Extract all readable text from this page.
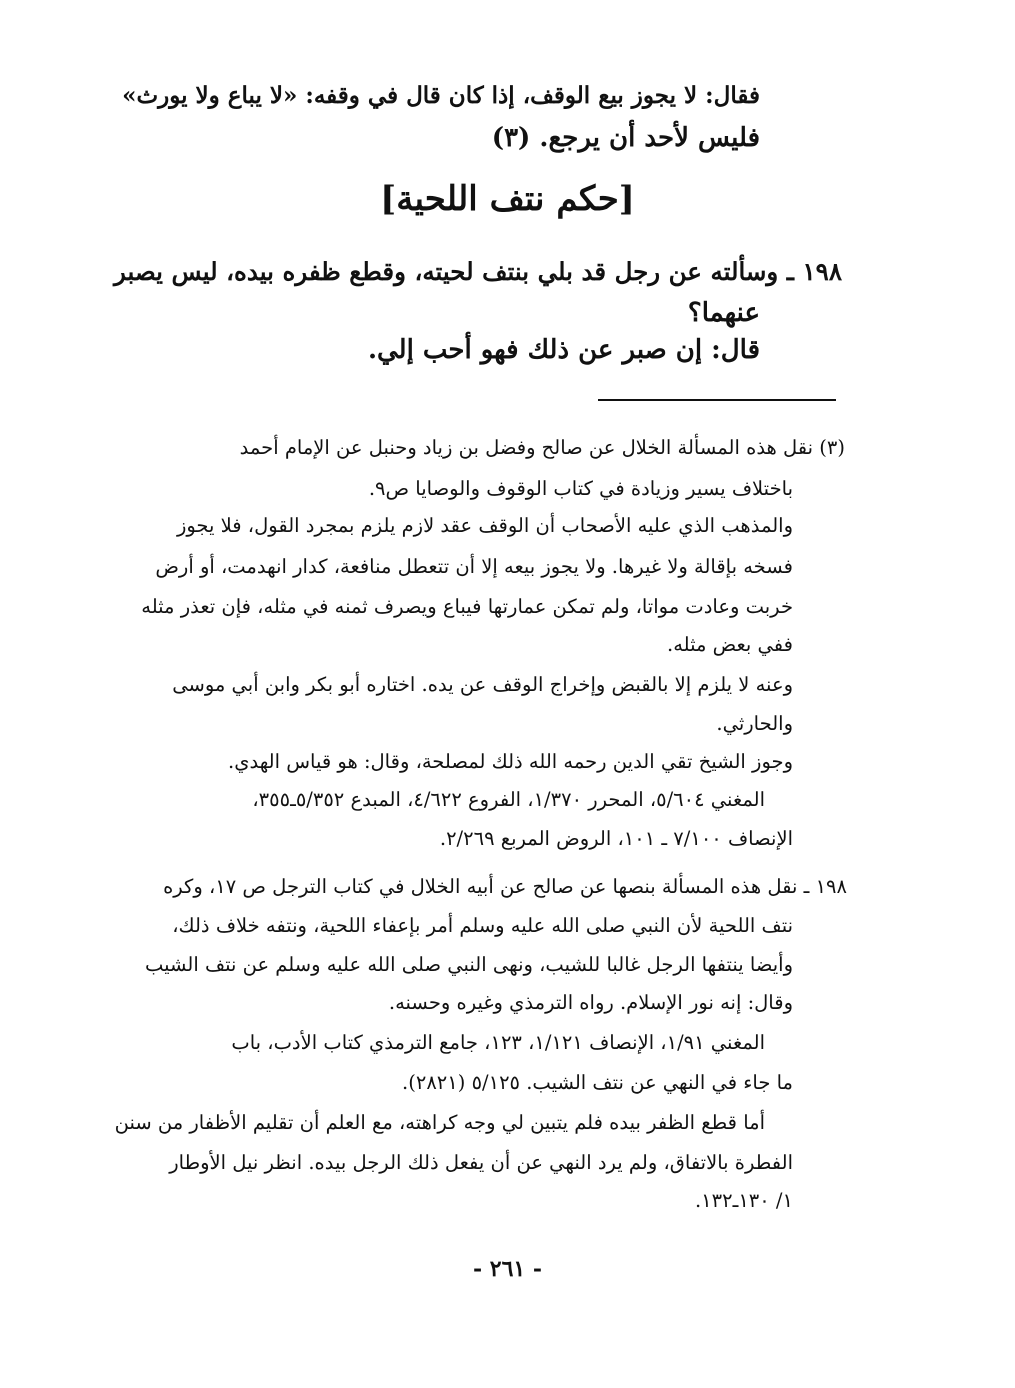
فقال: لا يجوز بيع الوقف، إذا كان قال في وقفه: «لا يباع ولا يورث»
فليس لأحد أن يرجع. (٣)
[حكم نتف اللحية]
١٩٨ ـ وسألته عن رجل قد بلي بنتف لحيته، وقطع ظفره بيده، ليس يصبر
عنهما؟
قال: إن صبر عن ذلك فهو أحب إلي.
(٣) نقل هذه المسألة الخلال عن صالح وفضل بن زياد وحنبل عن الإمام أحمد
باختلاف يسير وزيادة في كتاب الوقوف والوصايا ص٩.
والمذهب الذي عليه الأصحاب أن الوقف عقد لازم يلزم بمجرد القول، فلا يجوز
فسخه بإقالة ولا غيرها. ولا يجوز بيعه إلا أن تتعطل منافعة، كدار انهدمت، أو أرض
خربت وعادت مواتا، ولم تمكن عمارتها فيباع ويصرف ثمنه في مثله، فإن تعذر مثله
ففي بعض مثله.
وعنه لا يلزم إلا بالقبض وإخراج الوقف عن يده. اختاره أبو بكر وابن أبي موسى
والحارثي.
وجوز الشيخ تقي الدين رحمه الله ذلك لمصلحة، وقال: هو قياس الهدي.
المغني ٥/٦٠٤، المحرر ١/٣٧٠، الفروع ٤/٦٢٢، المبدع ٥/٣٥٢ـ٣٥٥،
الإنصاف ٧/١٠٠ ـ ١٠١، الروض المربع ٢/٢٦٩.
١٩٨ ـ نقل هذه المسألة بنصها عن صالح عن أبيه الخلال في كتاب الترجل ص ١٧، وكره
نتف اللحية لأن النبي صلى الله عليه وسلم أمر بإعفاء اللحية، ونتفه خلاف ذلك،
وأيضا ينتفها الرجل غالبا للشيب، ونهى النبي صلى الله عليه وسلم عن نتف الشيب
وقال: إنه نور الإسلام. رواه الترمذي وغيره وحسنه.
المغني ١/٩١، الإنصاف ١/١٢١، ١٢٣، جامع الترمذي كتاب الأدب، باب
ما جاء في النهي عن نتف الشيب. ٥/١٢٥ (٢٨٢١).
أما قطع الظفر بيده فلم يتبين لي وجه كراهته، مع العلم أن تقليم الأظفار من سنن
الفطرة بالاتفاق، ولم يرد النهي عن أن يفعل ذلك الرجل بيده. انظر نيل الأوطار
١/ ١٣٠ـ١٣٢.
- ٢٦١ -
